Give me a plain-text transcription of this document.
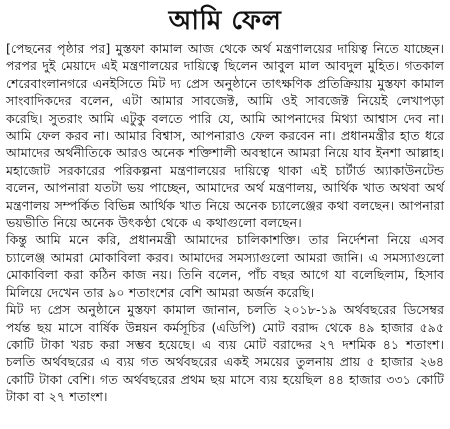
আমি ফেল

[পেছনের পৃষ্ঠার পর] মুস্তফা কামাল আজ থেকে অর্থ মন্ত্রণালয়ের দায়িত্ব নিতে যাচ্ছেন। পরপর দুই মেয়াদে এই মন্ত্রণালয়ের দায়িত্বে ছিলেন আবুল মাল আবদুল মুহিত। গতকাল শেরেবাংলানগরে এনইসিতে মিট দ্য প্রেস অনুষ্ঠানে তাৎক্ষণিক প্রতিক্রিয়ায় মুস্তফা কামাল সাংবাদিকদের বলেন, এটা আমার সাবজেক্ট, আমি ওই সাবজেক্ট নিয়েই লেখাপড়া করেছি। সুতরাং আমি এটুকু বলতে পারি যে, আমি আপনাদের মিথ্যা আশ্বাস দেব না। আমি ফেল করব না। আমার বিশ্বাস, আপনারাও ফেল করবেন না। প্রধানমন্ত্রীর হাত ধরে আমাদের অর্থনীতিকে আরও অনেক শক্তিশালী অবস্থানে আমরা নিয়ে যাব ইনশা আল্লাহ। মহাজোট সরকারের পরিকল্পনা মন্ত্রণালয়ের দায়িত্বে থাকা এই চার্টার্ড অ্যাকাউনটেন্ড বলেন, আপনারা যতটা ভয় পাচ্ছেন, আমাদের অর্থ মন্ত্রণালয়, আর্থিক খাত অথবা অর্থ মন্ত্রণালয় সম্পর্কিত বিভিন্ন আর্থিক খাত নিয়ে অনেক চ্যালেঞ্জের কথা বলছেন। আপনারা ভয়ভীতি নিয়ে অনেক উৎকণ্ঠা থেকে এ কথাগুলো বলছেন।

কিন্তু আমি মনে করি, প্রধানমন্ত্রী আমাদের চালিকাশক্তি। তার নির্দেশনা নিয়ে এসব চ্যালেঞ্জ আমরা মোকাবিলা করব। আমাদের সমস্যাগুলো আমরা জানি। এ সমস্যাগুলো মোকাবিলা করা কঠিন কাজ নয়। তিনি বলেন, পাঁচ বছর আগে যা বলেছিলাম, হিসাব মিলিয়ে দেখেন তার ৯০ শতাংশের বেশি আমরা অর্জন করেছি।

মিট দ্য প্রেস অনুষ্ঠানে মুস্তফা কামাল জানান, চলতি ২০১৮-১৯ অর্থবছরের ডিসেম্বর পর্যন্ত ছয় মাসে বার্ষিক উন্নয়ন কর্মসূচির (এডিপি) মোট বরাদ্দ থেকে ৪৯ হাজার ৫৯৫ কোটি টাকা খরচ করা সম্ভব হয়েছে। এ ব্যয় মোট বরাদ্দের ২৭ দশমিক ৪১ শতাংশ। চলতি অর্থবছরের এ ব্যয় গত অর্থবছরের একই সময়ের তুলনায় প্রায় ৫ হাজার ২৬৪ কোটি টাকা বেশি। গত অর্থবছরের প্রথম ছয় মাসে ব্যয় হয়েছিল ৪৪ হাজার ৩৩১ কোটি টাকা বা ২৭ শতাংশ।
